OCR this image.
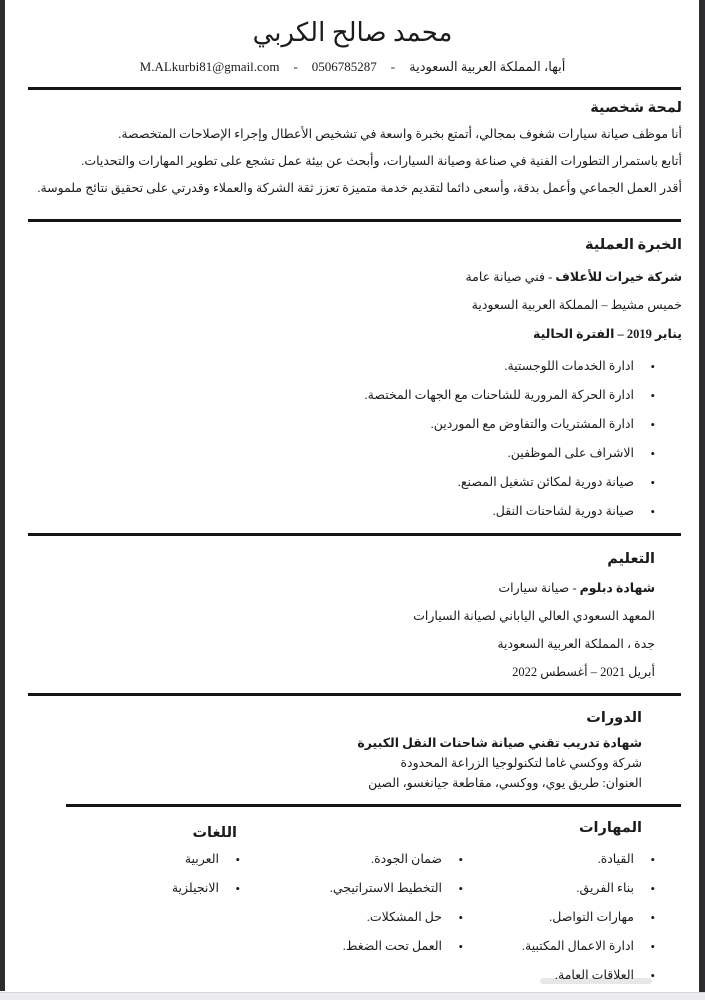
محمد صالح الكربي
أبها، المملكة العربية السعودية
-
0506785287
-
M.ALkurbi81@gmail.com
لمحة شخصية
أنا موظف صيانة سيارات شغوف بمجالي، أتمتع بخبرة واسعة في تشخيص الأعطال وإجراء الإصلاحات المتخصصة.
أتابع باستمرار التطورات الفنية في صناعة وصيانة السيارات، وأبحث عن بيئة عمل تشجع على تطوير المهارات والتحديات.
أقدر العمل الجماعي وأعمل بدقة، وأسعى دائما لتقديم خدمة متميزة تعزز ثقة الشركة والعملاء وقدرتي على تحقيق نتائج ملموسة.
الخبرة العملية
شركة خيرات للأعلاف - فني صيانة عامة
خميس مشيط – المملكة العربية السعودية
يناير 2019 – الفترة الحالية
•
ادارة الخدمات اللوجستية.
•
ادارة الحركة المرورية للشاحنات مع الجهات المختصة.
•
ادارة المشتريات والتفاوض مع الموردين.
•
الاشراف على الموظفين.
•
صيانة دورية لمكائن تشغيل المصنع.
•
صيانة دورية لشاحنات النقل.
التعليم
شهادة دبلوم - صيانة سيارات
المعهد السعودي العالي الياباني لصيانة السيارات
جدة ، المملكة العربية السعودية
أبريل 2021 – أغسطس 2022
الدورات
شهادة تدريب تقني صيانة شاحنات النقل الكبيرة
شركة ووكسي غاما لتكنولوجيا الزراعة المحدودة
العنوان: طريق يوي، ووكسي، مقاطعة جيانغسو، الصين
المهارات
اللغات
•
القيادة.
•
بناء الفريق.
•
مهارات التواصل.
•
ادارة الاعمال المكتبية.
•
العلاقات العامة.
•
ضمان الجودة.
•
التخطيط الاستراتيجي.
•
حل المشكلات.
•
العمل تحت الضغط.
•
العربية
•
الانجيلزية
